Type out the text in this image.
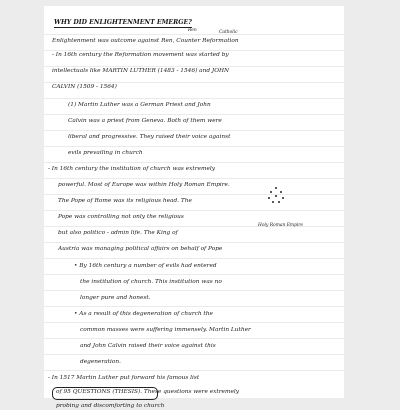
WHY DID ENLIGHTENMENT EMERGE?
Ren	Catholic
Enlightenment was outcome against Ren, Counter Reformation
- In 16th century the Reformation movement was started by
intellectuals like MARTIN LUTHER (1483 - 1546) and JOHN
CALVIN (1509 - 1564)
(1) Martin Luther was a German Priest and John
Calvin was a priest from Geneva. Both of them were
liberal and progressive. They raised their voice against
evils prevailing in church
- In 16th century the institution of church was extremely
powerful. Most of Europe was within Holy Roman Empire.
The Pope of Rome was its religious head. The
Pope was controlling not only the religious
but also politico - admin life. The King of
Holy Roman Empire
Austria was managing political affairs on behalf of Pope
• By 16th century a number of evils had entered
the institution of church. This institution was no
longer pure and honest.
• As a result of this degeneration of church the
common masses were suffering immensely. Martin Luther
and John Calvin raised their voice against this
degeneration.
- In 1517 Martin Luther put forward his famous list
of 95 QUESTIONS (THESIS). These questions were extremely
probing and discomforting to church
